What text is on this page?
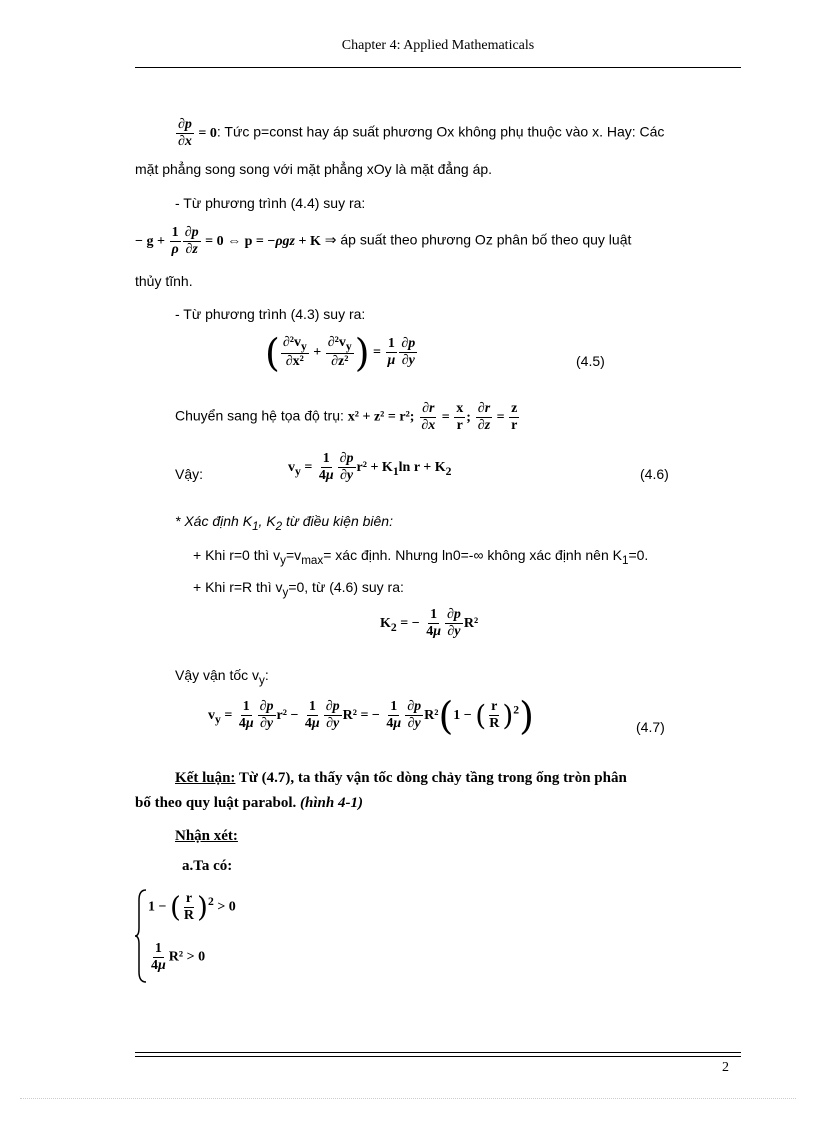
Chapter 4: Applied Mathematicals
$\frac{\partial p}{\partial x} = 0$: Tức p=const hay áp suất phương Ox không phụ thuộc vào x. Hay: Các
mặt phẳng song song với mặt phẳng xOy là mặt đẳng áp.
- Từ phương trình (4.4) suy ra:
− $g + \frac{1}{\rho} \frac{\partial p}{\partial z} = 0$ ⇔ p = −ρgz + K ⇒ áp suất theo phương Oz phân bố theo quy luật
thủy tĩnh.
- Từ phương trình (4.3) suy ra:
( $\frac{\partial^2v_y}{\text{∂x²}} + \frac{\partial^2v_y}{\text{∂z²}}$ ) = $\frac{1}{\mu} \frac{\partial p}{\partial y}$	(4.5)
Chuyển sang hệ tọa độ trụ: x² + z² = r²; $\frac{\partial r}{\partial x} = \frac{x}{r}$ ; $\frac{\partial r}{\partial z} = \frac{z}{r}$
Vậy:	$v_y = \frac{1}{4\mu} \frac{\partial p}{\partial y} r^2 + K_1\ln$ $r + K_2$	(4.6)
* Xác định $K_1$, $K_2$ từ điều kiện biên:
+ Khi r=0 thì $v_y=v_{max}=$ xác định. Nhưng ln0=-∞ không xác định nên $K_1=0$.
+ Khi r=R thì $v_y=0$, từ (4.6) suy ra:
$K_2$ = − $\frac{1}{4\mu} \frac{\partial p}{\partial y} R^2$
Vậy vận tốc $v_y$:
$v_y = \frac{1}{4\mu} \frac{\partial p}{\partial y} r^2 - \frac{1}{4\mu} \frac{\partial p}{\partial y} R^2$ = − $\frac{1}{4\mu} \frac{\partial p}{\partial y} R^2(1$ − ( $\frac{r}{R} )^2$)	(4.7)
Kết luận: Từ (4.7), ta thấy vận tốc dòng chảy tầng trong ống tròn phân
bố theo quy luật parabol. (hình 4-1)
Nhận xét:
a.Ta có:
1 − ( $\frac{r}{R} )^2 > 0$
$\frac{1}{4\mu} R^2 > 0$
2
